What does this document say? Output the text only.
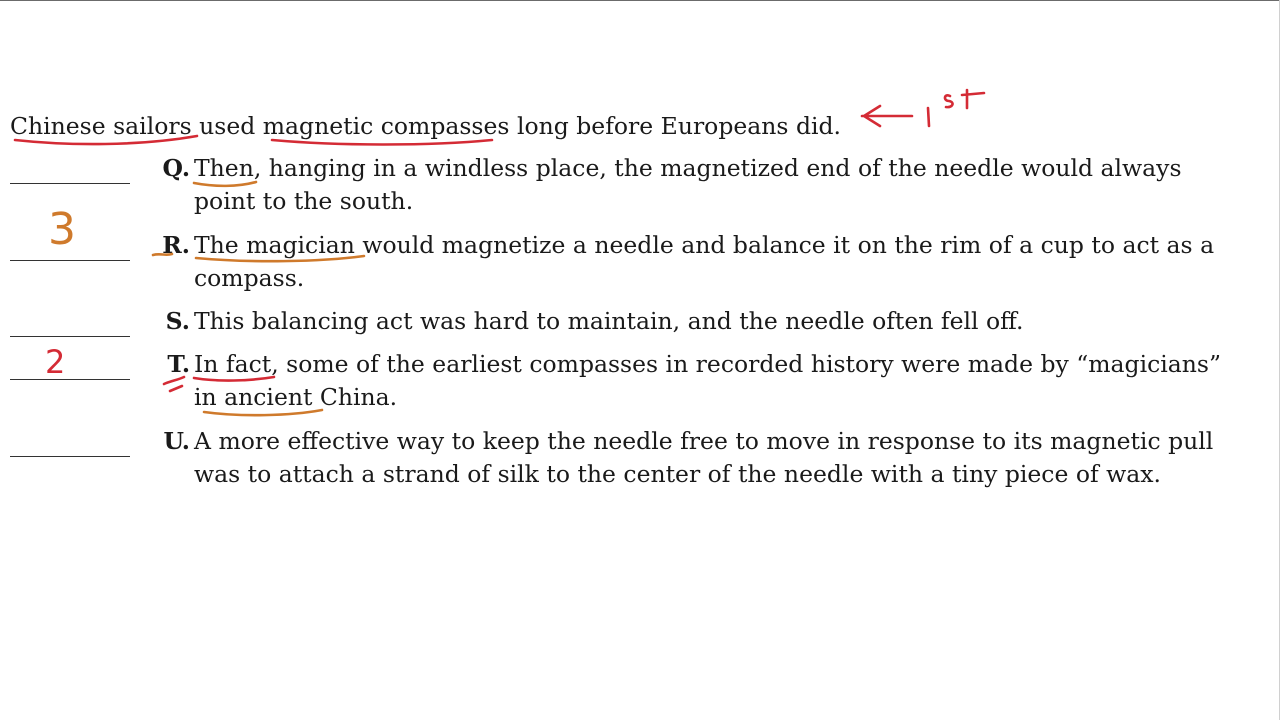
Chinese sailors used magnetic compasses long before Europeans did.
Q. Then, hanging in a windless place, the magnetized end of the needle would always point to the south.
R. The magician would magnetize a needle and balance it on the rim of a cup to act as a compass.
S. This balancing act was hard to maintain, and the needle often fell off.
T. In fact, some of the earliest compasses in recorded history were made by “magicians” in ancient China.
U. A more effective way to keep the needle free to move in response to its magnetic pull was to attach a strand of silk to the center of the needle with a tiny piece of wax.
3
2
